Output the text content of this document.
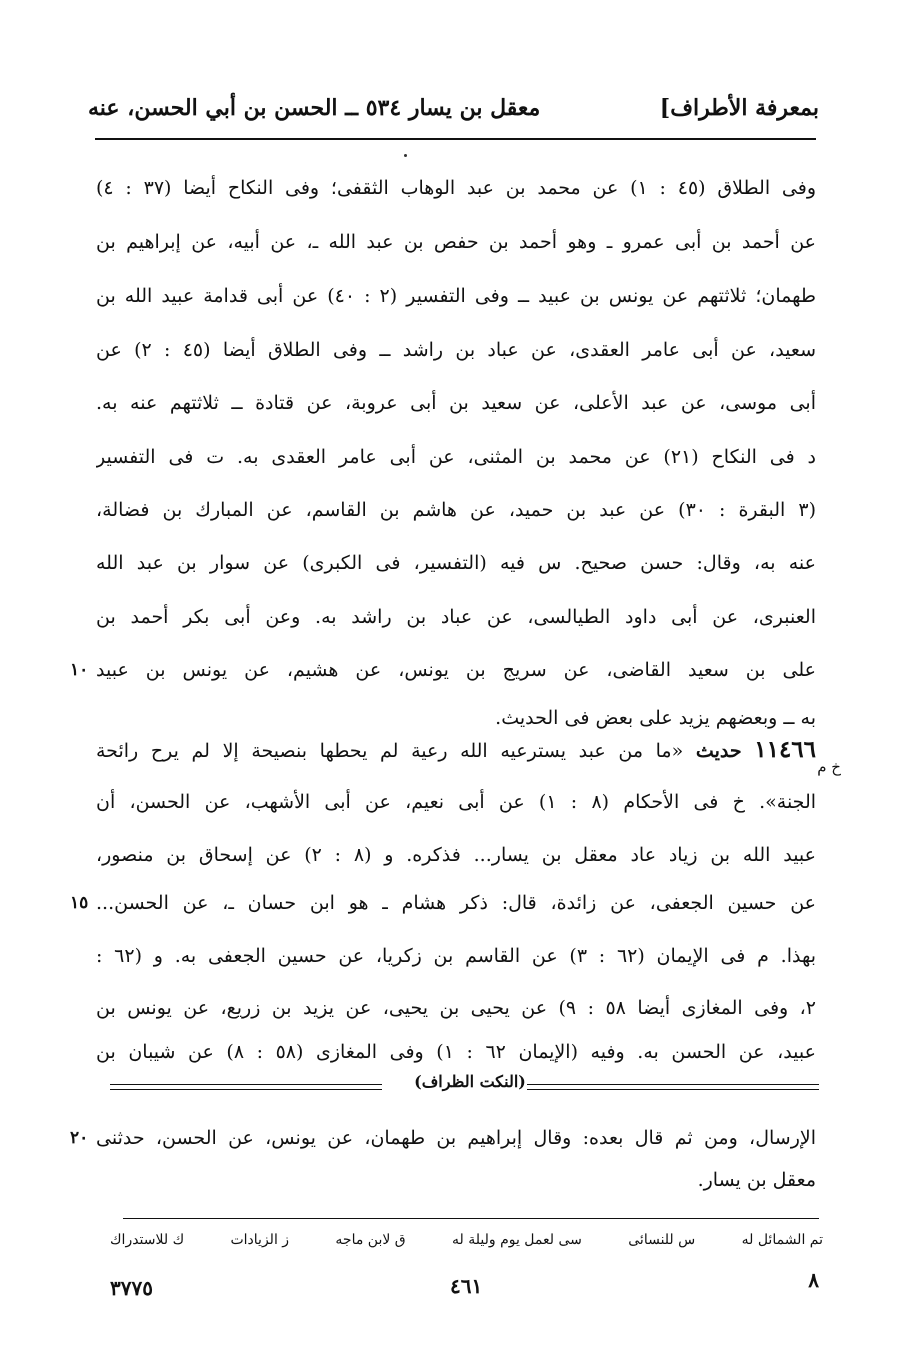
بمعرفة الأطراف]
معقل بن يسار ٥٣٤ ــ الحسن بن أبي الحسن، عنه
وفى الطلاق (٤٥ : ١) عن محمد بن عبد الوهاب الثقفى؛ وفى النكاح أيضا (٣٧ : ٤)
عن أحمد بن أبى عمرو ـ وهو أحمد بن حفص بن عبد الله ـ، عن أبيه، عن إبراهيم بن
طهمان؛ ثلاثتهم عن يونس بن عبيد ــ وفى التفسير (٢ : ٤٠) عن أبى قدامة عبيد الله بن
سعيد، عن أبى عامر العقدى، عن عباد بن راشد ــ وفى الطلاق أيضا (٤٥ : ٢) عن
أبى موسى، عن عبد الأعلى، عن سعيد بن أبى عروبة، عن قتادة ــ ثلاثتهم عنه به.
د فى النكاح (٢١) عن محمد بن المثنى، عن أبى عامر العقدى به. ت فى التفسير
(٣ البقرة : ٣٠) عن عبد بن حميد، عن هاشم بن القاسم، عن المبارك بن فضالة،
عنه به، وقال: حسن صحيح. س فيه (التفسير، فى الكبرى) عن سوار بن عبد الله
العنبرى، عن أبى داود الطيالسى، عن عباد بن راشد به. وعن أبى بكر أحمد بن
على بن سعيد القاضى، عن سريج بن يونس، عن هشيم، عن يونس بن عبيد
١٠
به ــ وبعضهم يزيد على بعض فى الحديث.
١١٤٦٦ حديث «ما من عبد يسترعيه الله رعية لم يحطها بنصيحة إلا لم يرح رائحة
خ م
الجنة». خ فى الأحكام (٨ : ١) عن أبى نعيم، عن أبى الأشهب، عن الحسن، أن
عبيد الله بن زياد عاد معقل بن يسار... فذكره. و (٨ : ٢) عن إسحاق بن منصور،
عن حسين الجعفى، عن زائدة، قال: ذكر هشام ـ هو ابن حسان ـ، عن الحسن...
١٥
بهذا. م فى الإيمان (٦٢ : ٣) عن القاسم بن زكريا، عن حسين الجعفى به. و (٦٢ :
٢، وفى المغازى أيضا ٥٨ : ٩) عن يحيى بن يحيى، عن يزيد بن زريع، عن يونس بن
عبيد، عن الحسن به. وفيه (الإيمان ٦٢ : ١) وفى المغازى (٥٨ : ٨) عن شيبان بن
(النكت الظراف)
الإرسال، ومن ثم قال بعده: وقال إبراهيم بن طهمان، عن يونس، عن الحسن، حدثنى
٢٠
معقل بن يسار.
تم الشمائل له
س للنسائى
سى لعمل يوم وليلة له
ق لابن ماجه
ز الزيادات
ك للاستدراك
٨
٤٦١
٣٧٧٥
